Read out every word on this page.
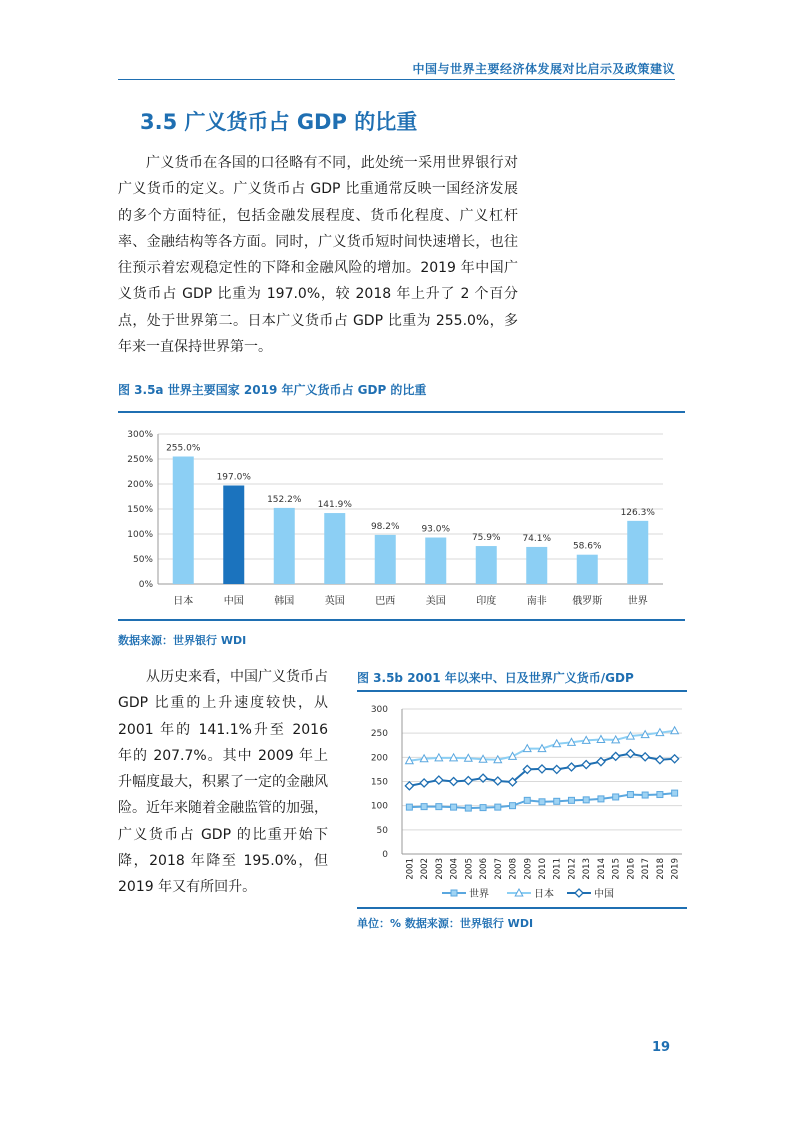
中国与世界主要经济体发展对比启示及政策建议
3.5 广义货币占 GDP 的比重

广义货币在各国的口径略有不同，此处统一采用世界银行对广义货币的定义。广义货币占 GDP 比重通常反映一国经济发展的多个方面特征，包括金融发展程度、货币化程度、广义杠杆率、金融结构等各方面。同时，广义货币短时间快速增长，也往往预示着宏观稳定性的下降和金融风险的增加。2019 年中国广义货币占 GDP 比重为 197.0%，较 2018 年上升了 2 个百分点，处于世界第二。日本广义货币占 GDP 比重为 255.0%，多年来一直保持世界第一。

图 3.5a 世界主要国家 2019 年广义货币占 GDP 的比重
0%
50%
100%
150%
200%
250%
300%
255.0%
日本
197.0%
中国
152.2%
韩国
141.9%
英国
98.2%
巴西
93.0%
美国
75.9%
印度
74.1%
南非
58.6%
俄罗斯
126.3%
世界
数据来源：世界银行 WDI

从历史来看，中国广义货币占 GDP 比重的上升速度较快，从 2001 年的 141.1%升至 2016 年的 207.7%。其中 2009 年上升幅度最大，积累了一定的金融风险。近年来随着金融监管的加强，广义货币占 GDP 的比重开始下降，2018 年降至 195.0%，但 2019 年又有所回升。

图 3.5b 2001 年以来中、日及世界广义货币/GDP
0
50
100
150
200
250
300
2001 2002 2003 2004 2005 2006 2007 2008 2009 2010 2011 2012 2013 2014 2015 2016 2017 2018 2019
世界	日本	中国
单位：% 数据来源：世界银行 WDI
19
